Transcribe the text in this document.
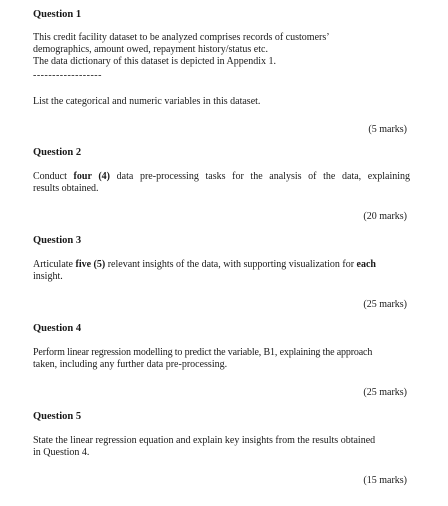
Question 1
This credit facility dataset to be analyzed comprises records of customers’
demographics, amount owed, repayment history/status etc.
The data dictionary of this dataset is depicted in Appendix 1.
------------------
List the categorical and numeric variables in this dataset.
(5 marks)
Question 2
Conduct four (4) data pre-processing tasks for the analysis of the data, explaining
results obtained.
(20 marks)
Question 3
Articulate five (5) relevant insights of the data, with supporting visualization for each
insight.
(25 marks)
Question 4
Perform linear regression modelling to predict the variable, B1, explaining the approach
taken, including any further data pre-processing.
(25 marks)
Question 5
State the linear regression equation and explain key insights from the results obtained
in Question 4.
(15 marks)
